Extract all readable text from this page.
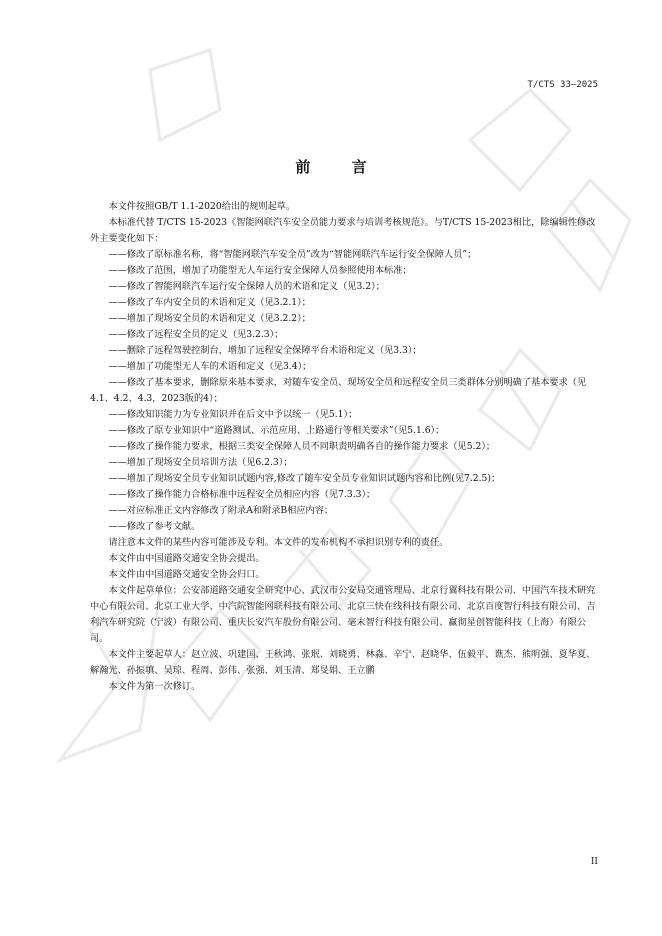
T/CTS 33—2025
前 言

本文件按照GB/T 1.1-2020给出的规则起草。

本标准代替 T/CTS 15-2023《智能网联汽车安全员能力要求与培训考核规范》。与T/CTS 15-2023相比，除编辑性修改外主要变化如下：

——修改了原标准名称，将“智能网联汽车安全员”改为“智能网联汽车运行安全保障人员”；

——修改了范围，增加了功能型无人车运行安全保障人员参照使用本标准；

——修改了智能网联汽车运行安全保障人员的术语和定义（见3.2）；

——修改了车内安全员的术语和定义（见3.2.1）；

——增加了现场安全员的术语和定义（见3.2.2）；

——修改了远程安全员的定义（见3.2.3）；

——删除了远程驾驶控制台，增加了远程安全保障平台术语和定义（见3.3）；

——增加了功能型无人车的术语和定义（见3.4）；

——修改了基本要求，删除原来基本要求，对随车安全员、现场安全员和远程安全员三类群体分别明确了基本要求（见4.1、4.2、4.3，2023版的4）；

——修改知识能力为专业知识并在后文中予以统一（见5.1）；

——修改了原专业知识中“道路测试、示范应用、上路通行等相关要求”（见5.1.6）；

——修改了操作能力要求，根据三类安全保障人员不同职责明确各自的操作能力要求（见5.2）；

——增加了现场安全员培训方法（见6.2.3）；

——增加了现场安全员专业知识试题内容,修改了随车安全员专业知识试题内容和比例(见7.2.5)；

——修改了操作能力合格标准中远程安全员相应内容（见7.3.3）；

——对应标准正文内容修改了附录A和附录B相应内容；

——修改了参考文献。

请注意本文件的某些内容可能涉及专利。本文件的发布机构不承担识别专利的责任。

本文件由中国道路交通安全协会提出。

本文件由中国道路交通安全协会归口。

本文件起草单位：公安部道路交通安全研究中心、武汉市公安局交通管理局、北京行翼科技有限公司、中国汽车技术研究中心有限公司、北京工业大学、中汽院智能网联科技有限公司、北京三快在线科技有限公司、北京百度智行科技有限公司、吉利汽车研究院（宁波）有限公司、重庆长安汽车股份有限公司、毫末智行科技有限公司、赢彻星创智能科技（上海）有限公司。

本文件主要起草人：赵立波、巩建国、王秋鸿、张珉、刘晓勇、林淼、辛宁、赵晓华、伍毅平、谯杰、熊明强、夏华夏、解瀚光、孙振填、吴琼、程周、彭伟、张强、刘玉清、郑旻娟、王立鹏

本文件为第一次修订。

II
